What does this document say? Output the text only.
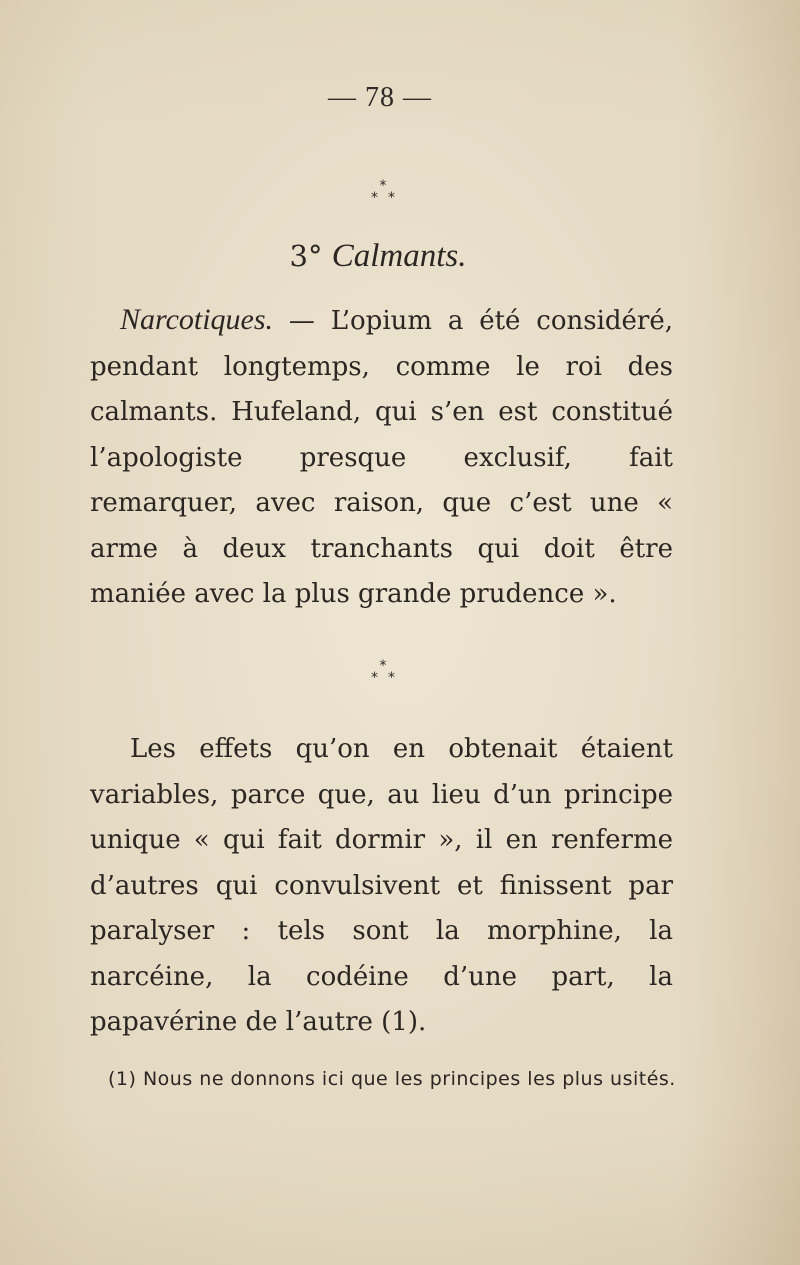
— 78 —
*
**
3° Calmants.
Narcotiques. — L’opium a été considéré, pendant longtemps, comme le roi des calmants. Hufeland, qui s’en est constitué l’apologiste presque exclusif, fait remarquer, avec raison, que c’est une « arme à deux tranchants qui doit être maniée avec la plus grande prudence ».
*
**
Les effets qu’on en obtenait étaient variables, parce que, au lieu d’un principe unique « qui fait dormir », il en renferme d’autres qui convulsivent et finissent par paralyser : tels sont la morphine, la narcéine, la codéine d’une part, la papavérine de l’autre (1).
(1) Nous ne donnons ici que les principes les plus usités.
